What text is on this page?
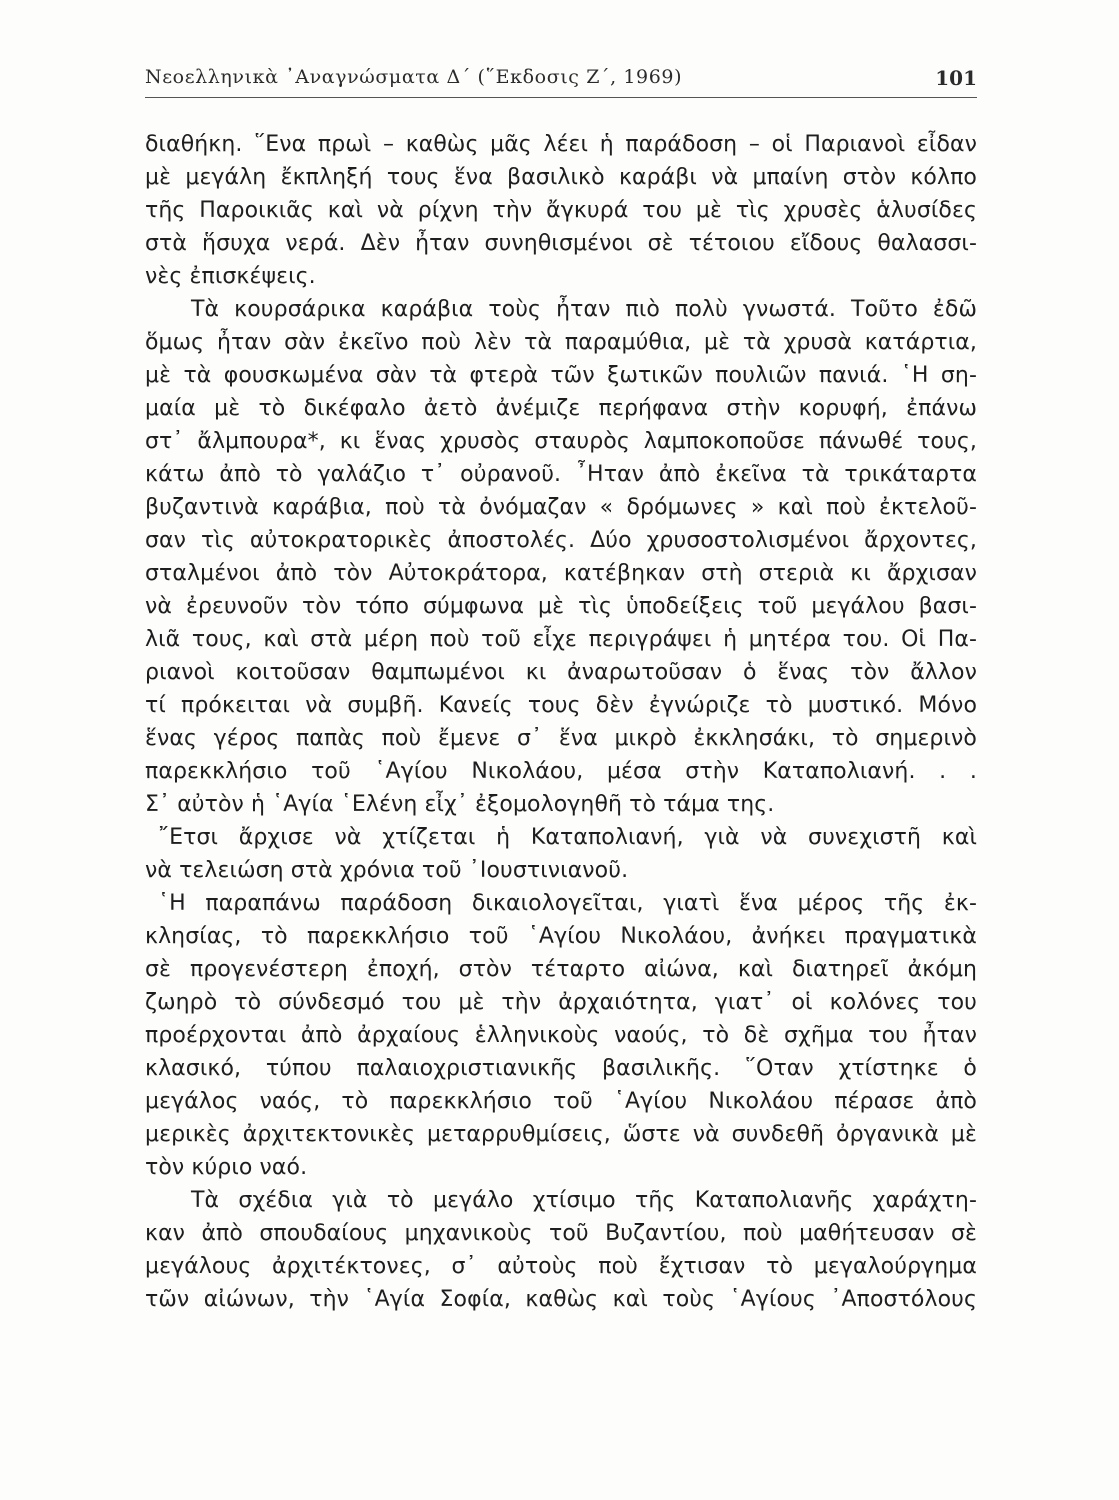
Νεοελληνικὰ ᾿Αναγνώσματα Δ΄ (῞Εκδοσις Ζ΄, 1969)	101
διαθήκη. ῞Ενα πρωὶ – καθὼς μᾶς λέει ἡ παράδοση – οἱ Παριανοὶ εἶδαν
μὲ μεγάλη ἔκπληξή τους ἕνα βασιλικὸ καράβι νὰ μπαίνη στὸν κόλπο
τῆς Παροικιᾶς καὶ νὰ ρίχνη τὴν ἄγκυρά του μὲ τὶς χρυσὲς ἁλυσίδες
στὰ ἥσυχα νερά. Δὲν ἦταν συνηθισμένοι σὲ τέτοιου εἴδους θαλασσι-
νὲς ἐπισκέψεις.
Τὰ κουρσάρικα καράβια τοὺς ἦταν πιὸ πολὺ γνωστά. Τοῦτο ἐδῶ
ὅμως ἦταν σὰν ἐκεῖνο ποὺ λὲν τὰ παραμύθια, μὲ τὰ χρυσὰ κατάρτια,
μὲ τὰ φουσκωμένα σὰν τὰ φτερὰ τῶν ξωτικῶν πουλιῶν πανιά. ῾Η ση-
μαία μὲ τὸ δικέφαλο ἀετὸ ἀνέμιζε περήφανα στὴν κορυφή, ἐπάνω
στ᾿ ἄλμπουρα*, κι ἕνας χρυσὸς σταυρὸς λαμποκοποῦσε πάνωθέ τους,
κάτω ἀπὸ τὸ γαλάζιο τ᾿ οὐρανοῦ. ῏Ηταν ἀπὸ ἐκεῖνα τὰ τρικάταρτα
βυζαντινὰ καράβια, ποὺ τὰ ὀνόμαζαν « δρόμωνες » καὶ ποὺ ἐκτελοῦ-
σαν τὶς αὐτοκρατορικὲς ἀποστολές. Δύο χρυσοστολισμένοι ἄρχοντες,
σταλμένοι ἀπὸ τὸν Αὐτοκράτορα, κατέβηκαν στὴ στεριὰ κι ἄρχισαν
νὰ ἐρευνοῦν τὸν τόπο σύμφωνα μὲ τὶς ὑποδείξεις τοῦ μεγάλου βασι-
λιᾶ τους, καὶ στὰ μέρη ποὺ τοῦ εἶχε περιγράψει ἡ μητέρα του. Οἱ Πα-
ριανοὶ κοιτοῦσαν θαμπωμένοι κι ἀναρωτοῦσαν ὁ ἕνας τὸν ἄλλον
τί πρόκειται νὰ συμβῆ. Κανείς τους δὲν ἐγνώριζε τὸ μυστικό. Μόνο
ἕνας γέρος παπὰς ποὺ ἔμενε σ᾿ ἕνα μικρὸ ἐκκλησάκι, τὸ σημερινὸ
παρεκκλήσιο τοῦ ῾Αγίου Νικολάου, μέσα στὴν Καταπολιανή. . .
Σ᾿ αὐτὸν ἡ ῾Αγία ῾Ελένη εἶχ᾿ ἐξομολογηθῆ τὸ τάμα της.
῎Ετσι ἄρχισε νὰ χτίζεται ἡ Καταπολιανή, γιὰ νὰ συνεχιστῆ καὶ
νὰ τελειώση στὰ χρόνια τοῦ ᾿Ιουστινιανοῦ.
῾Η παραπάνω παράδοση δικαιολογεῖται, γιατὶ ἕνα μέρος τῆς ἐκ-
κλησίας, τὸ παρεκκλήσιο τοῦ ῾Αγίου Νικολάου, ἀνήκει πραγματικὰ
σὲ προγενέστερη ἐποχή, στὸν τέταρτο αἰώνα, καὶ διατηρεῖ ἀκόμη
ζωηρὸ τὸ σύνδεσμό του μὲ τὴν ἀρχαιότητα, γιατ᾿ οἱ κολόνες του
προέρχονται ἀπὸ ἀρχαίους ἑλληνικοὺς ναούς, τὸ δὲ σχῆμα του ἦταν
κλασικό, τύπου παλαιοχριστιανικῆς βασιλικῆς. ῞Οταν χτίστηκε ὁ
μεγάλος ναός, τὸ παρεκκλήσιο τοῦ ῾Αγίου Νικολάου πέρασε ἀπὸ
μερικὲς ἀρχιτεκτονικὲς μεταρρυθμίσεις, ὥστε νὰ συνδεθῆ ὀργανικὰ μὲ
τὸν κύριο ναό.
Τὰ σχέδια γιὰ τὸ μεγάλο χτίσιμο τῆς Καταπολιανῆς χαράχτη-
καν ἀπὸ σπουδαίους μηχανικοὺς τοῦ Βυζαντίου, ποὺ μαθήτευσαν σὲ
μεγάλους ἀρχιτέκτονες, σ᾿ αὐτοὺς ποὺ ἔχτισαν τὸ μεγαλούργημα
τῶν αἰώνων, τὴν ῾Αγία Σοφία, καθὼς καὶ τοὺς ῾Αγίους ᾿Αποστόλους
